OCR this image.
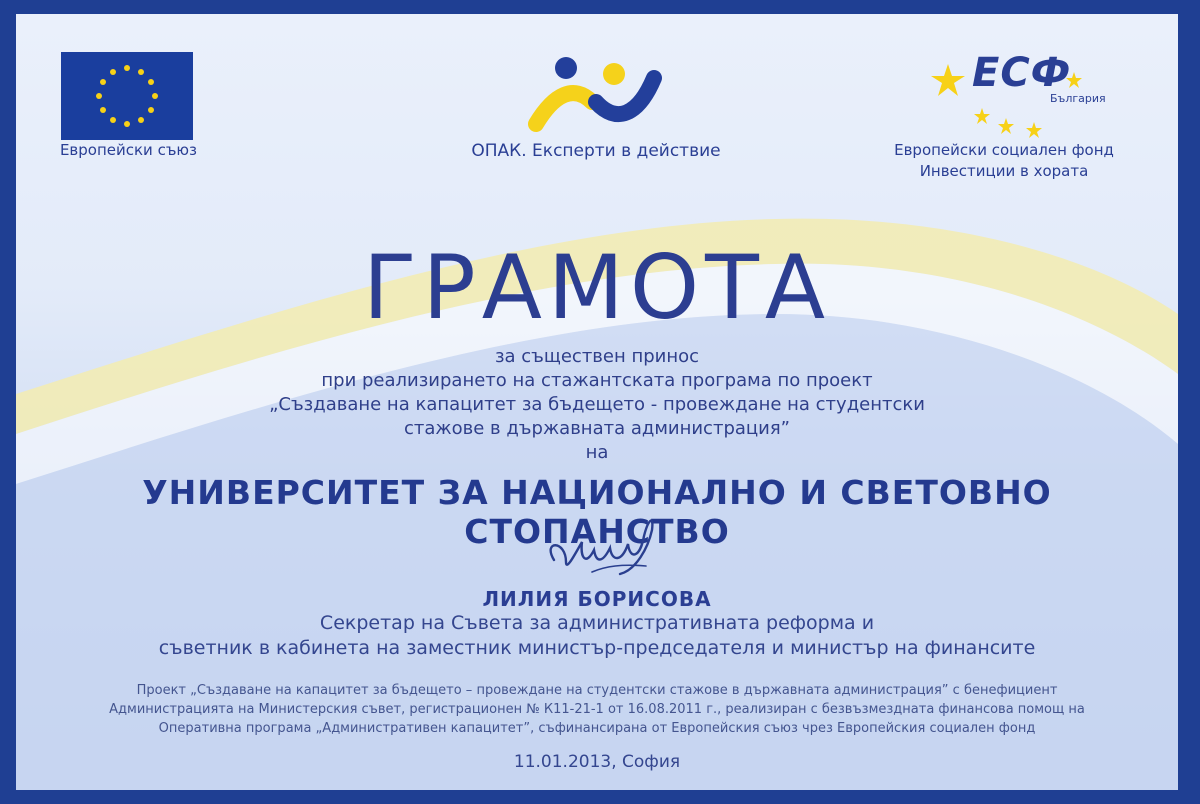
Европейски съюз	ОПАК. Експерти в действие
ЕСФ
България
Европейски социален фонд
Инвестиции в хората
ГРАМОТА
за съществен принос
при реализирането на стажантската програма по проект
„Създаване на капацитет за бъдещето - провеждане на студентски
стажове в държавната администрация”
на
УНИВЕРСИТЕТ ЗА НАЦИОНАЛНО И СВЕТОВНО СТОПАНСТВО
ЛИЛИЯ БОРИСОВА
Секретар на Съвета за административната реформа и
съветник в кабинета на заместник министър-председателя и министър на финансите
Проект „Създаване на капацитет за бъдещето – провеждане на студентски стажове в държавната администрация” с бенефициент
Администрацията на Министерския съвет, регистрационен № К11-21-1 от 16.08.2011 г., реализиран с безвъзмездната финансова помощ на
Оперативна програма „Административен капацитет”, съфинансирана от Европейския съюз чрез Европейския социален фонд
11.01.2013, София
